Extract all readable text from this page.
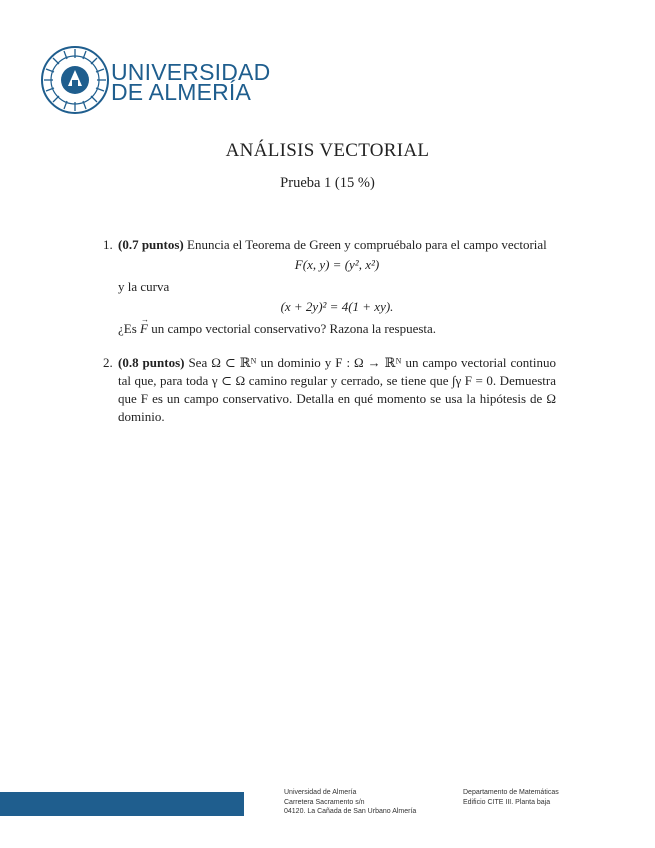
UNIVERSIDAD
DE ALMERÍA
ANÁLISIS VECTORIAL
Prueba 1 (15 %)
1. (0.7 puntos) Enuncia el Teorema de Green y compruébalo para el campo vectorial
F(x, y) = (y², x²)
y la curva
(x + 2y)² = 4(1 + xy).
¿Es → F un campo vectorial conservativo? Razona la respuesta.
2. (0.8 puntos) Sea Ω ⊂ ℝᴺ un dominio y F : Ω → ℝᴺ un campo vectorial continuo tal que, para toda γ ⊂ Ω camino regular y cerrado, se tiene que ∫γ F = 0. Demuestra que F es un campo conservativo. Detalla en qué momento se usa la hipótesis de Ω dominio.
Universidad de Almería
Carretera Sacramento s/n
04120. La Cañada de San Urbano Almería
Departamento de Matemáticas
Edificio CITE III. Planta baja
